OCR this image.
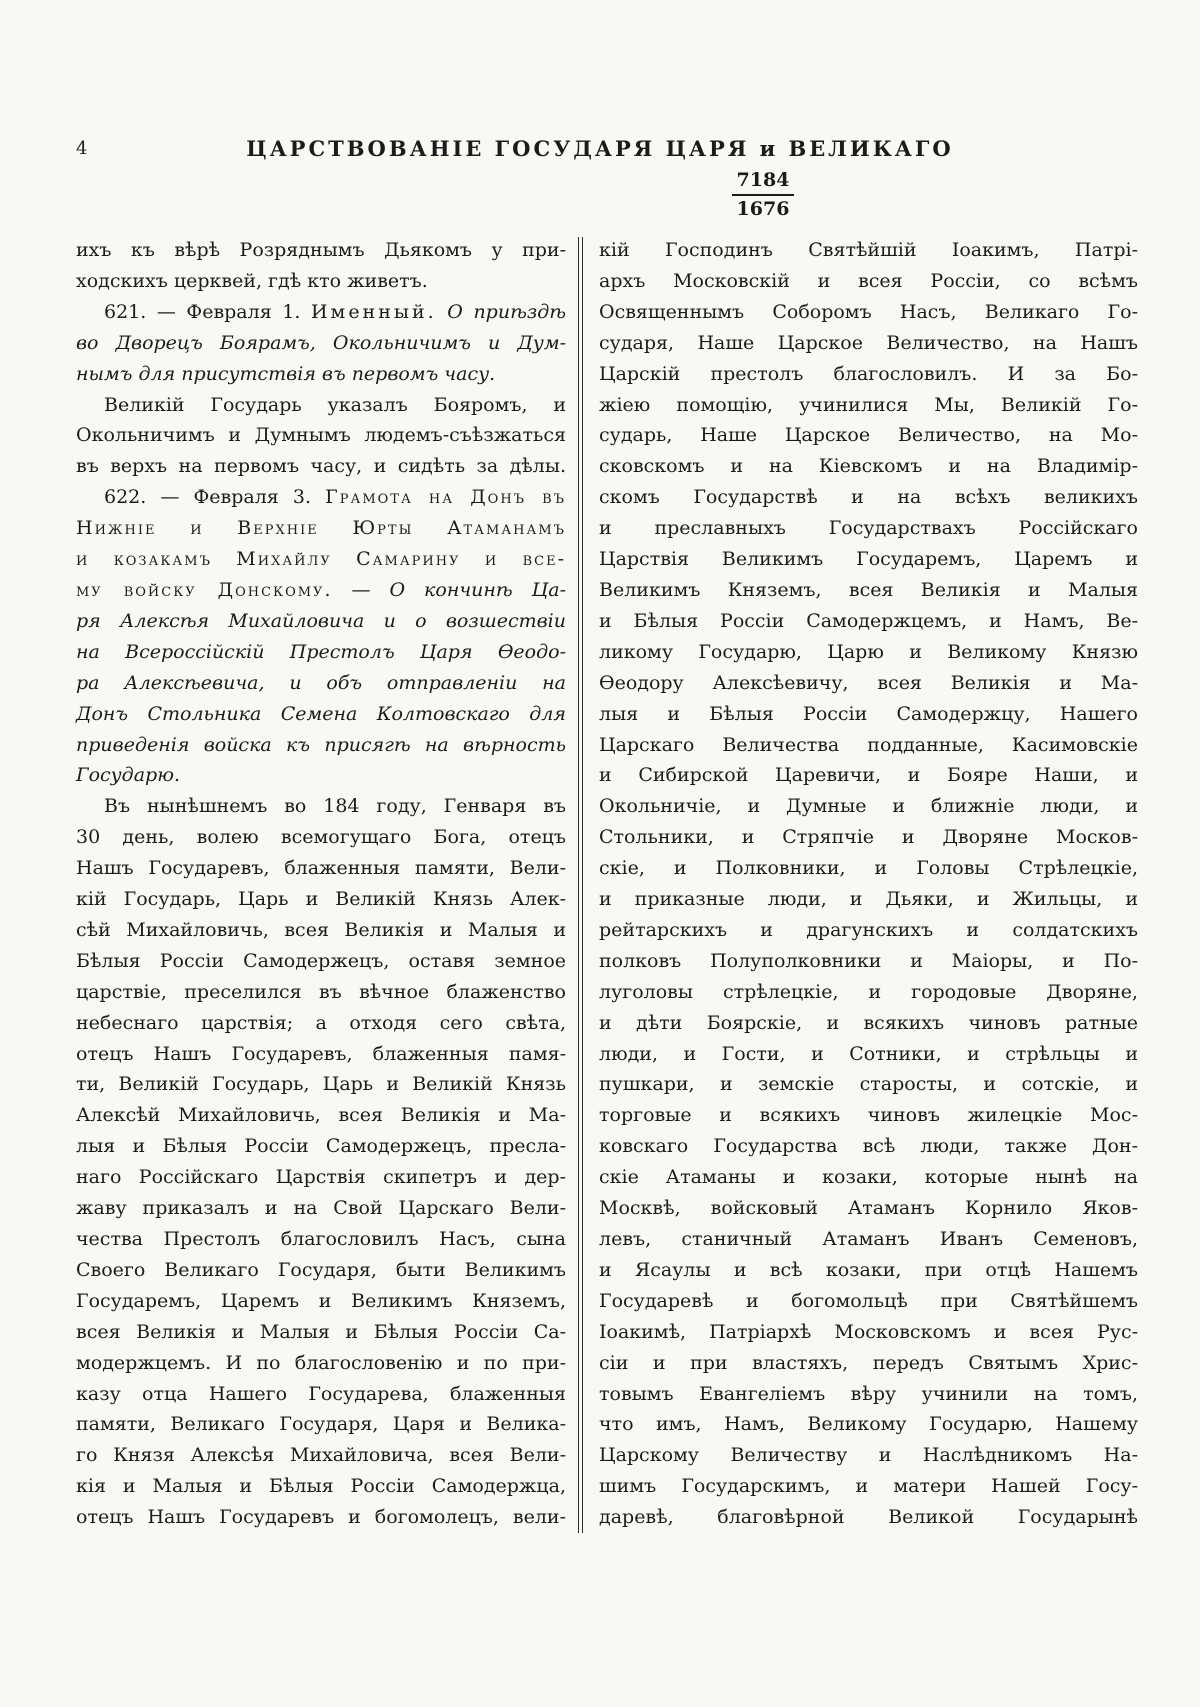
4	ЦАРСТВОВАНІЕ ГОСУДАРЯ ЦАРЯ и ВЕЛИКАГО
$\frac{7184}{1676}$
ихъ къ вѣрѣ Розряднымъ Дьякомъ у при-
ходскихъ церквей, гдѣ кто живетъ.
621. — Февраля 1. Именный. О приѣздѣ
во Дворецъ Боярамъ, Окольничимъ и Дум-
нымъ для присутствія въ первомъ часу.
Великій Государь указалъ Бояромъ, и
Окольничимъ и Думнымъ людемъ-съѣзжаться
въ верхъ на первомъ часу, и сидѣть за дѣлы.
622. — Февраля 3. Грамота на Донъ въ
Нижніе и Верхніе Юрты Атаманамъ
и козакамъ Михайлу Самарину и все-
му войску Донскому. — О кончинѣ Ца-
ря Алексѣя Михайловича и о возшествіи
на Всероссійскій Престолъ Царя Ѳеодо-
ра Алексѣевича, и объ отправленіи на
Донъ Стольника Семена Колтовскаго для
приведенія войска къ присягѣ на вѣрность
Государю.
Въ нынѣшнемъ во 184 году, Генваря въ
30 день, волею всемогущаго Бога, отецъ
Нашъ Государевъ, блаженныя памяти, Вели-
кій Государь, Царь и Великій Князь Алек-
сѣй Михайловичь, всея Великія и Малыя и
Бѣлыя Россіи Самодержецъ, оставя земное
царствіе, преселился въ вѣчное блаженство
небеснаго царствія; а отходя сего свѣта,
отецъ Нашъ Государевъ, блаженныя памя-
ти, Великій Государь, Царь и Великій Князь
Алексѣй Михайловичь, всея Великія и Ма-
лыя и Бѣлыя Россіи Самодержецъ, пресла-
наго Россійскаго Царствія скипетръ и дер-
жаву приказалъ и на Свой Царскаго Вели-
чества Престолъ благословилъ Насъ, сына
Своего Великаго Государя, быти Великимъ
Государемъ, Царемъ и Великимъ Княземъ,
всея Великія и Малыя и Бѣлыя Россіи Са-
модержцемъ. И по благословенію и по при-
казу отца Нашего Государева, блаженныя
памяти, Великаго Государя, Царя и Велика-
го Князя Алексѣя Михайловича, всея Вели-
кія и Малыя и Бѣлыя Россіи Самодержца,
отецъ Нашъ Государевъ и богомолецъ, вели-
кій Господинъ Святѣйшій Іоакимъ, Патрі-
архъ Московскій и всея Россіи, со всѣмъ
Освященнымъ Соборомъ Насъ, Великаго Го-
сударя, Наше Царское Величество, на Нашъ
Царскій престолъ благословилъ. И за Бо-
жіею помощію, учинилися Мы, Великій Го-
сударь, Наше Царское Величество, на Мо-
сковскомъ и на Кіевскомъ и на Владимір-
скомъ Государствѣ и на всѣхъ великихъ
и преславныхъ Государствахъ Россійскаго
Царствія Великимъ Государемъ, Царемъ и
Великимъ Княземъ, всея Великія и Малыя
и Бѣлыя Россіи Самодержцемъ, и Намъ, Ве-
ликому Государю, Царю и Великому Князю
Ѳеодору Алексѣевичу, всея Великія и Ма-
лыя и Бѣлыя Россіи Самодержцу, Нашего
Царскаго Величества подданные, Касимовскіе
и Сибирской Царевичи, и Бояре Наши, и
Окольничіе, и Думные и ближніе люди, и
Стольники, и Стряпчіе и Дворяне Москов-
скіе, и Полковники, и Головы Стрѣлецкіе,
и приказные люди, и Дьяки, и Жильцы, и
рейтарскихъ и драгунскихъ и солдатскихъ
полковъ Полуполковники и Маіоры, и По-
луголовы стрѣлецкіе, и городовые Дворяне,
и дѣти Боярскіе, и всякихъ чиновъ ратные
люди, и Гости, и Сотники, и стрѣльцы и
пушкари, и земскіе старосты, и сотскіе, и
торговые и всякихъ чиновъ жилецкіе Мос-
ковскаго Государства всѣ люди, также Дон-
скіе Атаманы и козаки, которые нынѣ на
Москвѣ, войсковый Атаманъ Корнило Яков-
левъ, станичный Атаманъ Иванъ Семеновъ,
и Ясаулы и всѣ козаки, при отцѣ Нашемъ
Государевѣ и богомольцѣ при Святѣйшемъ
Іоакимѣ, Патріархѣ Московскомъ и всея Рус-
сіи и при властяхъ, передъ Святымъ Хрис-
товымъ Евангеліемъ вѣру учинили на томъ,
что имъ, Намъ, Великому Государю, Нашему
Царскому Величеству и Наслѣдникомъ На-
шимъ Государскимъ, и матери Нашей Госу-
даревѣ, благовѣрной Великой Государынѣ
